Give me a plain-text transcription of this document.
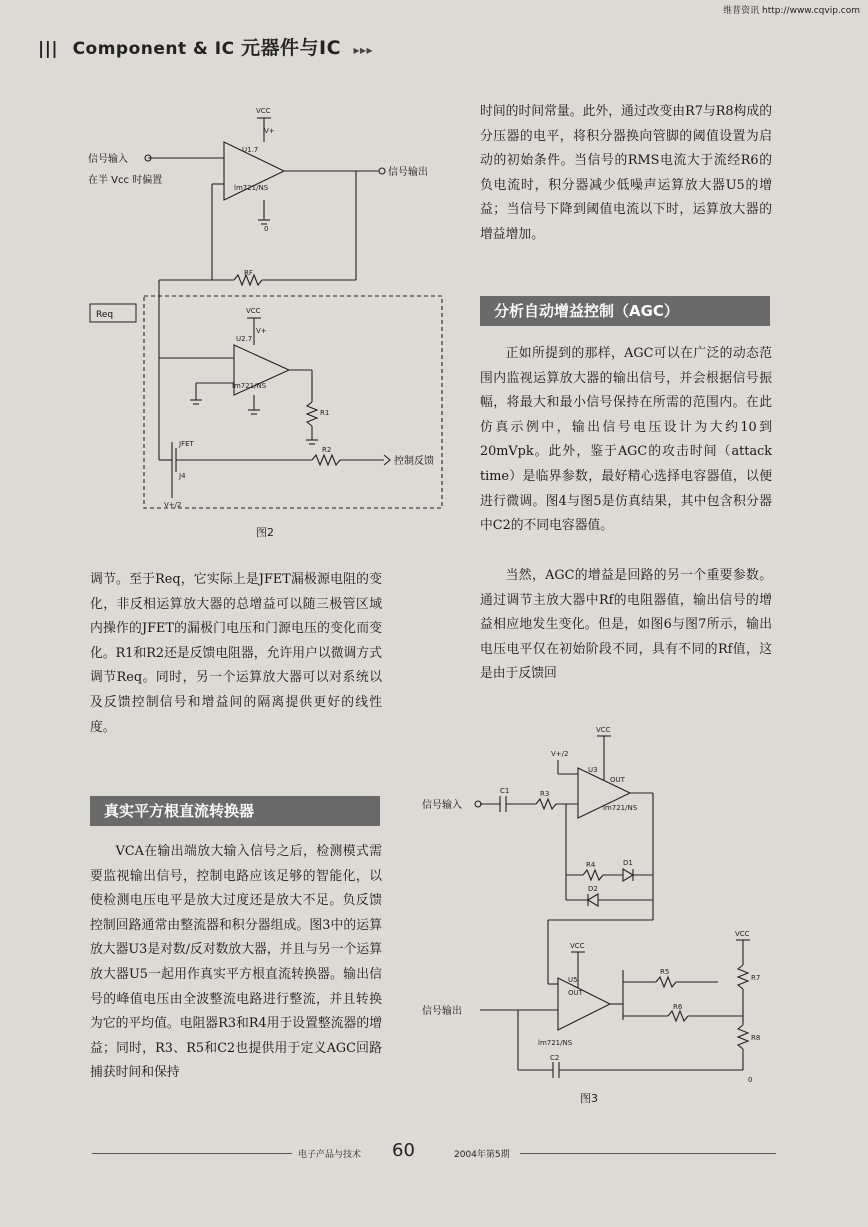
维普资讯 http://www.cqvip.com
||| Component & IC 元器件与IC ▸▸▸
VCC
U1.7
lm721/NS
V+
RF
VCC
U2.7
lm721/NS
V+
R1
R2
JFET
J4
V+/2
0
信号输入
在半 Vcc 时偏置
信号输出
控制反馈
Req
图2

调节。至于Req，它实际上是JFET漏极源电阻的变化，非反相运算放大器的总增益可以随三极管区域内操作的JFET的漏极门电压和门源电压的变化而变化。R1和R2还是反馈电阻器，允许用户以微调方式调节Req。同时，另一个运算放大器可以对系统以及反馈控制信号和增益间的隔离提供更好的线性度。

真实平方根直流转换器

VCA在输出端放大输入信号之后，检测模式需要监视输出信号，控制电路应该足够的智能化，以使检测电压电平是放大过度还是放大不足。负反馈控制回路通常由整流器和积分器组成。图3中的运算放大器U3是对数/反对数放大器，并且与另一个运算放大器U5一起用作真实平方根直流转换器。输出信号的峰值电压由全波整流电路进行整流，并且转换为它的平均值。电阻器R3和R4用于设置整流器的增益；同时，R3、R5和C2也提供用于定义AGC回路捕获时间和保持

时间的时间常量。此外，通过改变由R7与R8构成的分压器的电平，将积分器换向管脚的阈值设置为启动的初始条件。当信号的RMS电流大于流经R6的负电流时，积分器减少低噪声运算放大器U5的增益；当信号下降到阈值电流以下时，运算放大器的增益增加。

分析自动增益控制（AGC）

正如所提到的那样，AGC可以在广泛的动态范围内监视运算放大器的输出信号，并会根据信号振幅，将最大和最小信号保持在所需的范围内。在此仿真示例中，输出信号电压设计为大约10到20mVpk。此外，鉴于AGC的攻击时间（attack time）是临界参数，最好精心选择电容器值，以便进行微调。图4与图5是仿真结果，其中包含积分器中C2的不同电容器值。

当然，AGC的增益是回路的另一个重要参数。通过调节主放大器中Rf的电阻器值，输出信号的增益相应地发生变化。但是，如图6与图7所示，输出电压电平仅在初始阶段不同，具有不同的Rf值，这是由于反馈回

VCC
V+/2
U3
OUT
lm721/NS
C1	R3
R4	D1
D2
VCC
U5
OUT
lm721/NS
R5
R6
R7
R8
VCC
C2
0
信号输入
信号输出
图3
电子产品与技术 60	2004年第5期
